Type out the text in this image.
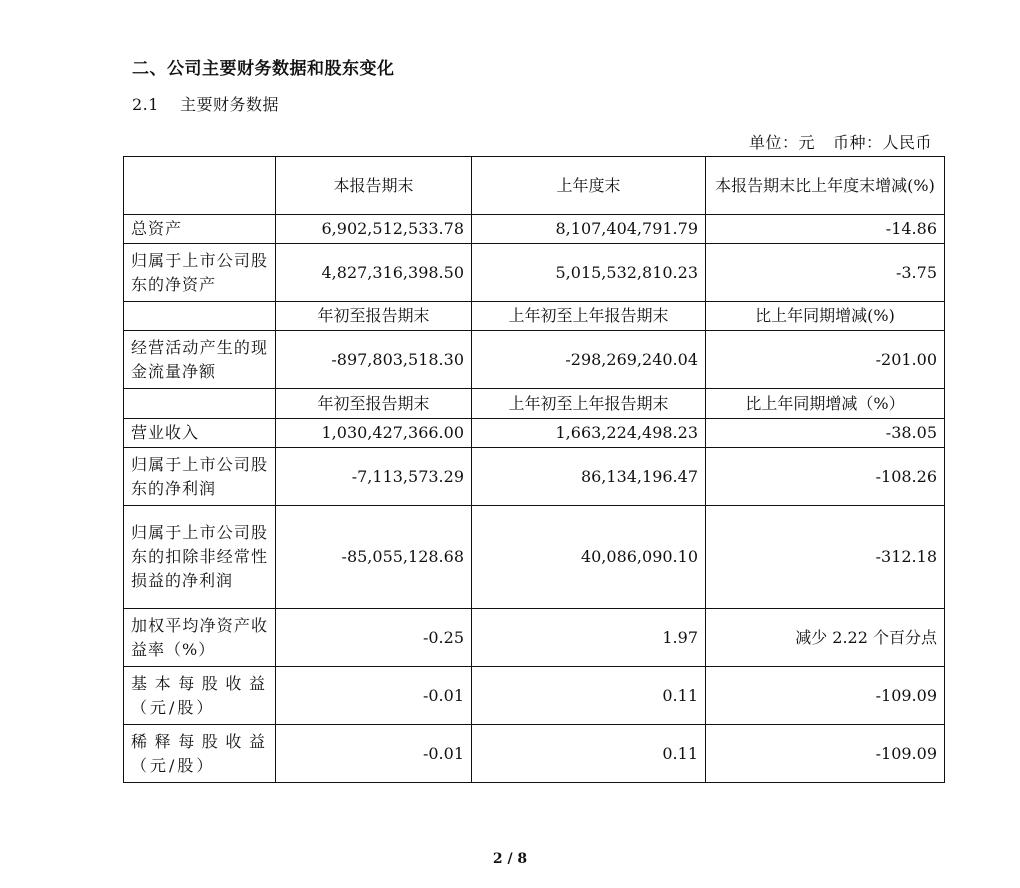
二、公司主要财务数据和股东变化
2.1 主要财务数据
单位：元 币种：人民币
	本报告期末	上年度末	本报告期末比上年度末增减(%)
总资产	6,902,512,533.78	8,107,404,791.79	-14.86
归属于上市公司股东的净资产	4,827,316,398.50	5,015,532,810.23	-3.75
	年初至报告期末	上年初至上年报告期末	比上年同期增减(%)
经营活动产生的现金流量净额	-897,803,518.30	-298,269,240.04	-201.00
	年初至报告期末	上年初至上年报告期末	比上年同期增减（%）
营业收入	1,030,427,366.00	1,663,224,498.23	-38.05
归属于上市公司股东的净利润	-7,113,573.29	86,134,196.47	-108.26
归属于上市公司股东的扣除非经常性损益的净利润	-85,055,128.68	40,086,090.10	-312.18
加权平均净资产收益率（%）	-0.25	1.97	减少 2.22 个百分点
基本每股收益（元/股）	-0.01	0.11	-109.09
稀释每股收益（元/股）	-0.01	0.11	-109.09
2 / 8
